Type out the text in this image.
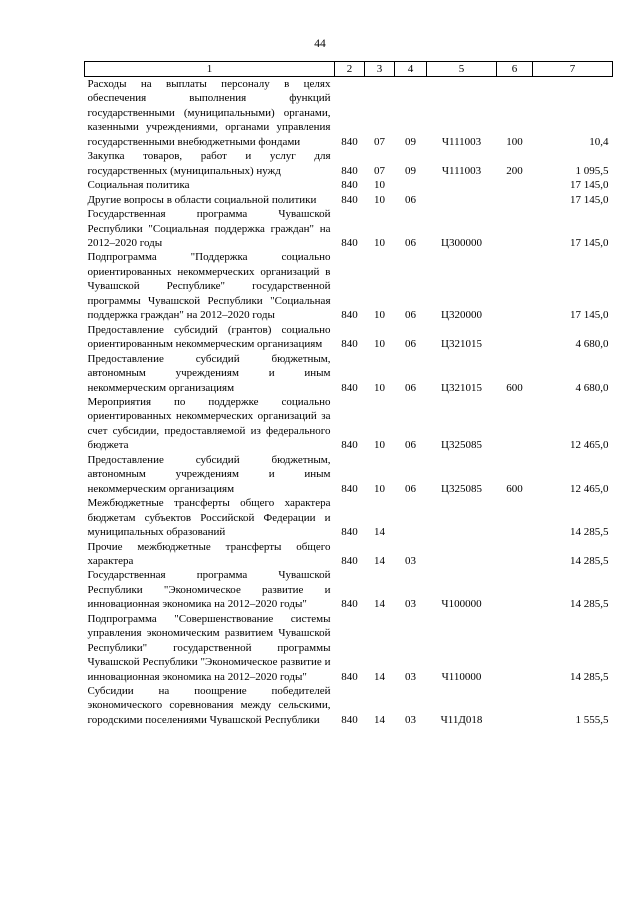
44
1	2	3	4	5	6	7
Расходы на выплаты персоналу в целях обеспечения выполнения функций государственными (муниципальными) органами, казенными учреждениями, органами управления государственными внебюджетными фондами	840	07	09	Ч111003	100	10,4
Закупка товаров, работ и услуг для государственных (муниципальных) нужд	840	07	09	Ч111003	200	1 095,5
Социальная политика	840	10				17 145,0
Другие вопросы в области социальной политики	840	10	06			17 145,0
Государственная программа Чувашской Республики "Социальная поддержка граждан" на 2012–2020 годы	840	10	06	Ц300000		17 145,0
Подпрограмма "Поддержка социально ориентированных некоммерческих организаций в Чувашской Республике" государственной программы Чувашской Республики "Социальная поддержка граждан" на 2012–2020 годы	840	10	06	Ц320000		17 145,0
Предоставление субсидий (грантов) социально ориентированным некоммерческим организациям	840	10	06	Ц321015		4 680,0
Предоставление субсидий бюджетным, автономным учреждениям и иным некоммерческим организациям	840	10	06	Ц321015	600	4 680,0
Мероприятия по поддержке социально ориентированных некоммерческих организаций за счет субсидии, предоставляемой из федерального бюджета	840	10	06	Ц325085		12 465,0
Предоставление субсидий бюджетным, автономным учреждениям и иным некоммерческим организациям	840	10	06	Ц325085	600	12 465,0
Межбюджетные трансферты общего характера бюджетам субъектов Российской Федерации и муниципальных образований	840	14				14 285,5
Прочие межбюджетные трансферты общего характера	840	14	03			14 285,5
Государственная программа Чувашской Республики "Экономическое развитие и инновационная экономика на 2012–2020 годы"	840	14	03	Ч100000		14 285,5
Подпрограмма "Совершенствование системы управления экономическим развитием Чувашской Республики" государственной программы Чувашской Республики "Экономическое развитие и инновационная экономика на 2012–2020 годы"	840	14	03	Ч110000		14 285,5
Субсидии на поощрение победителей экономического соревнования между сельскими, городскими поселениями Чувашской Республики	840	14	03	Ч11Д018		1 555,5
